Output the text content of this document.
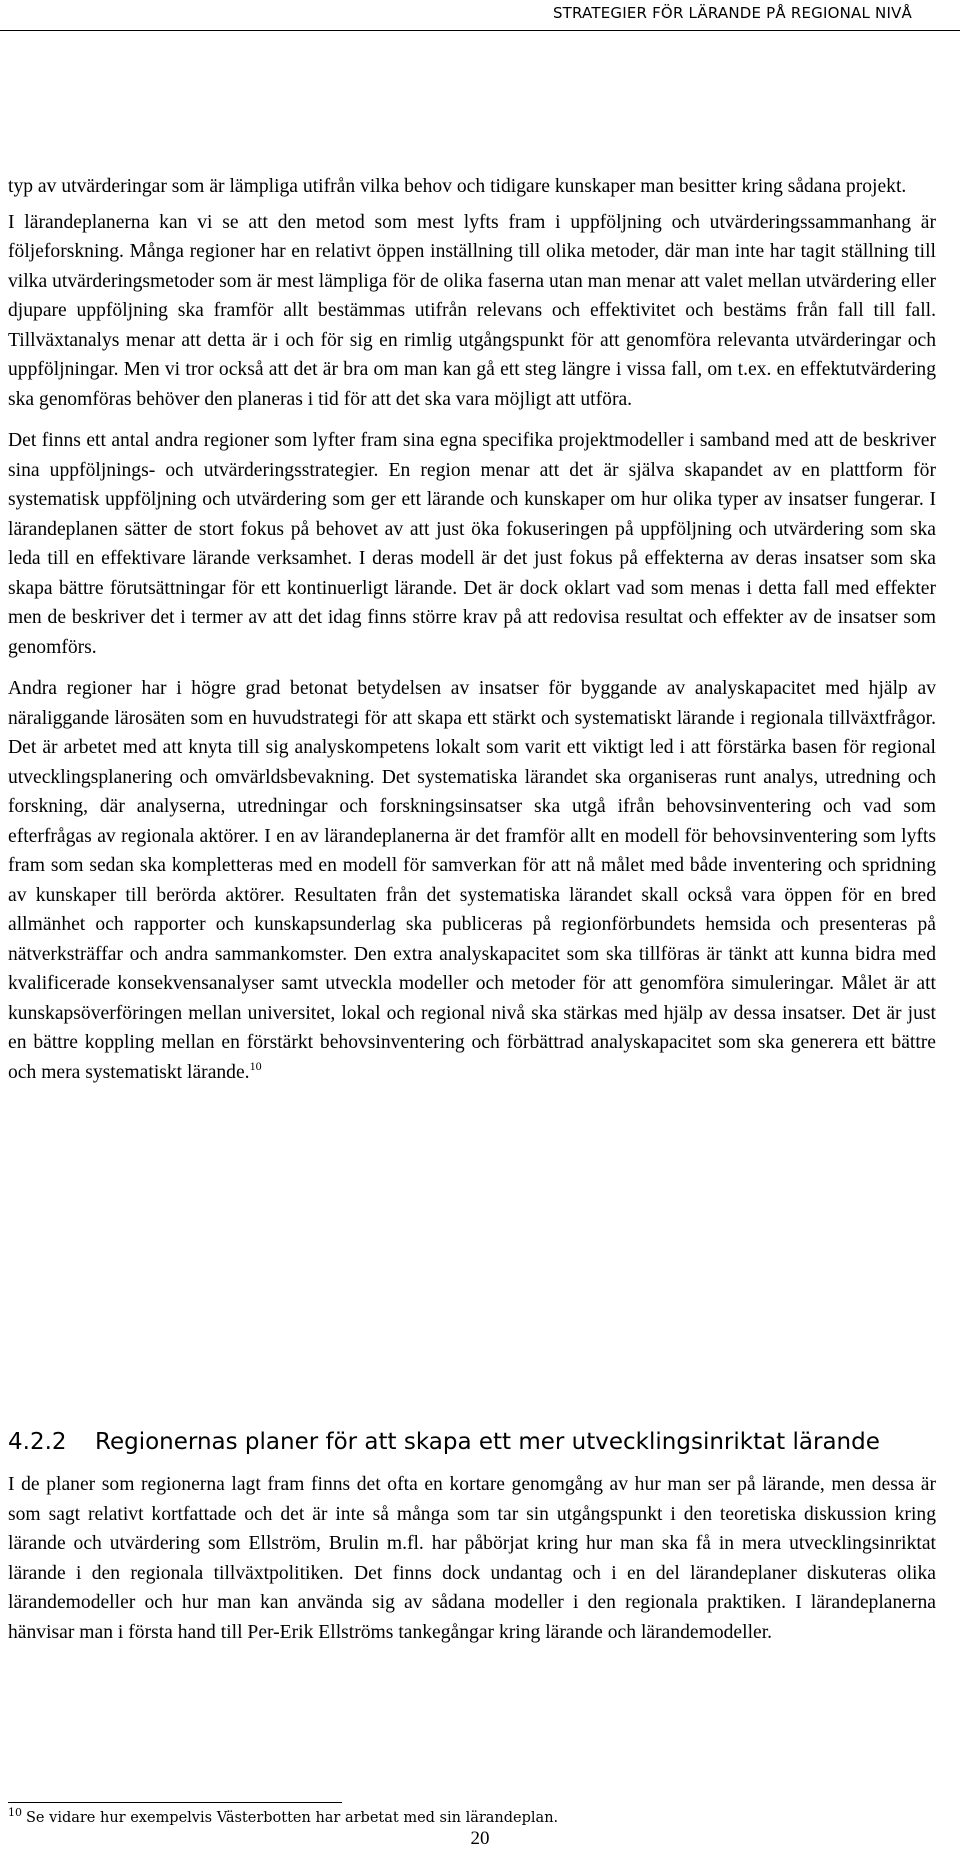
STRATEGIER FÖR LÄRANDE PÅ REGIONAL NIVÅ

typ av utvärderingar som är lämpliga utifrån vilka behov och tidigare kunskaper man besitter kring sådana projekt.

I lärandeplanerna kan vi se att den metod som mest lyfts fram i uppföljning och utvärderingssammanhang är följeforskning. Många regioner har en relativt öppen inställning till olika metoder, där man inte har tagit ställning till vilka utvärderingsmetoder som är mest lämpliga för de olika faserna utan man menar att valet mellan utvärdering eller djupare uppföljning ska framför allt bestämmas utifrån relevans och effektivitet och bestäms från fall till fall. Tillväxtanalys menar att detta är i och för sig en rimlig utgångspunkt för att genomföra relevanta utvärderingar och uppföljningar. Men vi tror också att det är bra om man kan gå ett steg längre i vissa fall, om t.ex. en effektutvärdering ska genomföras behöver den planeras i tid för att det ska vara möjligt att utföra.

Det finns ett antal andra regioner som lyfter fram sina egna specifika projektmodeller i samband med att de beskriver sina uppföljnings- och utvärderingsstrategier. En region menar att det är själva skapandet av en plattform för systematisk uppföljning och utvärdering som ger ett lärande och kunskaper om hur olika typer av insatser fungerar. I lärandeplanen sätter de stort fokus på behovet av att just öka fokuseringen på uppföljning och utvärdering som ska leda till en effektivare lärande verksamhet. I deras modell är det just fokus på effekterna av deras insatser som ska skapa bättre förutsättningar för ett kontinuerligt lärande. Det är dock oklart vad som menas i detta fall med effekter men de beskriver det i termer av att det idag finns större krav på att redovisa resultat och effekter av de insatser som genomförs.

Andra regioner har i högre grad betonat betydelsen av insatser för byggande av analyskapacitet med hjälp av näraliggande lärosäten som en huvudstrategi för att skapa ett stärkt och systematiskt lärande i regionala tillväxtfrågor. Det är arbetet med att knyta till sig analyskompetens lokalt som varit ett viktigt led i att förstärka basen för regional utvecklingsplanering och omvärldsbevakning. Det systematiska lärandet ska organiseras runt analys, utredning och forskning, där analyserna, utredningar och forskningsinsatser ska utgå ifrån behovsinventering och vad som efterfrågas av regionala aktörer. I en av lärandeplanerna är det framför allt en modell för behovsinventering som lyfts fram som sedan ska kompletteras med en modell för samverkan för att nå målet med både inventering och spridning av kunskaper till berörda aktörer. Resultaten från det systematiska lärandet skall också vara öppen för en bred allmänhet och rapporter och kunskapsunderlag ska publiceras på regionförbundets hemsida och presenteras på nätverksträffar och andra sammankomster. Den extra analyskapacitet som ska tillföras är tänkt att kunna bidra med kvalificerade konsekvensanalyser samt utveckla modeller och metoder för att genomföra simuleringar. Målet är att kunskapsöverföringen mellan universitet, lokal och regional nivå ska stärkas med hjälp av dessa insatser. Det är just en bättre koppling mellan en förstärkt behovsinventering och förbättrad analyskapacitet som ska generera ett bättre och mera systematiskt lärande.$^{10}$

4.2.2 Regionernas planer för att skapa ett mer utvecklingsinriktat lärande

I de planer som regionerna lagt fram finns det ofta en kortare genomgång av hur man ser på lärande, men dessa är som sagt relativt kortfattade och det är inte så många som tar sin utgångspunkt i den teoretiska diskussion kring lärande och utvärdering som Ellström, Brulin m.fl. har påbörjat kring hur man ska få in mera utvecklingsinriktat lärande i den regionala tillväxtpolitiken. Det finns dock undantag och i en del lärandeplaner diskuteras olika lärandemodeller och hur man kan använda sig av sådana modeller i den regionala praktiken. I lärandeplanerna hänvisar man i första hand till Per-Erik Ellströms tankegångar kring lärande och lärandemodeller.

$^{10}$ Se vidare hur exempelvis Västerbotten har arbetat med sin lärandeplan.
20
